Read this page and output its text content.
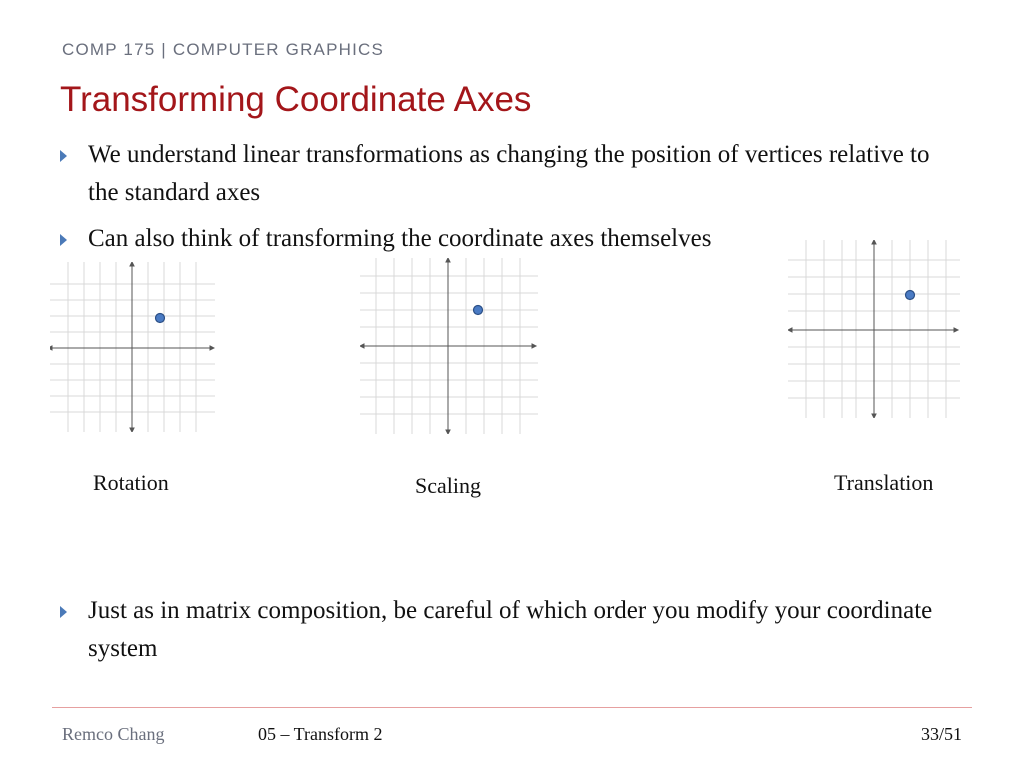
COMP 175 | COMPUTER GRAPHICS
Transforming Coordinate Axes
We understand linear transformations as changing the position of vertices relative to the standard axes
Can also think of transforming the coordinate axes themselves
Rotation	Scaling	Translation
Just as in matrix composition, be careful of which order you modify your coordinate system
Remco Chang	05 – Transform 2	33/51
